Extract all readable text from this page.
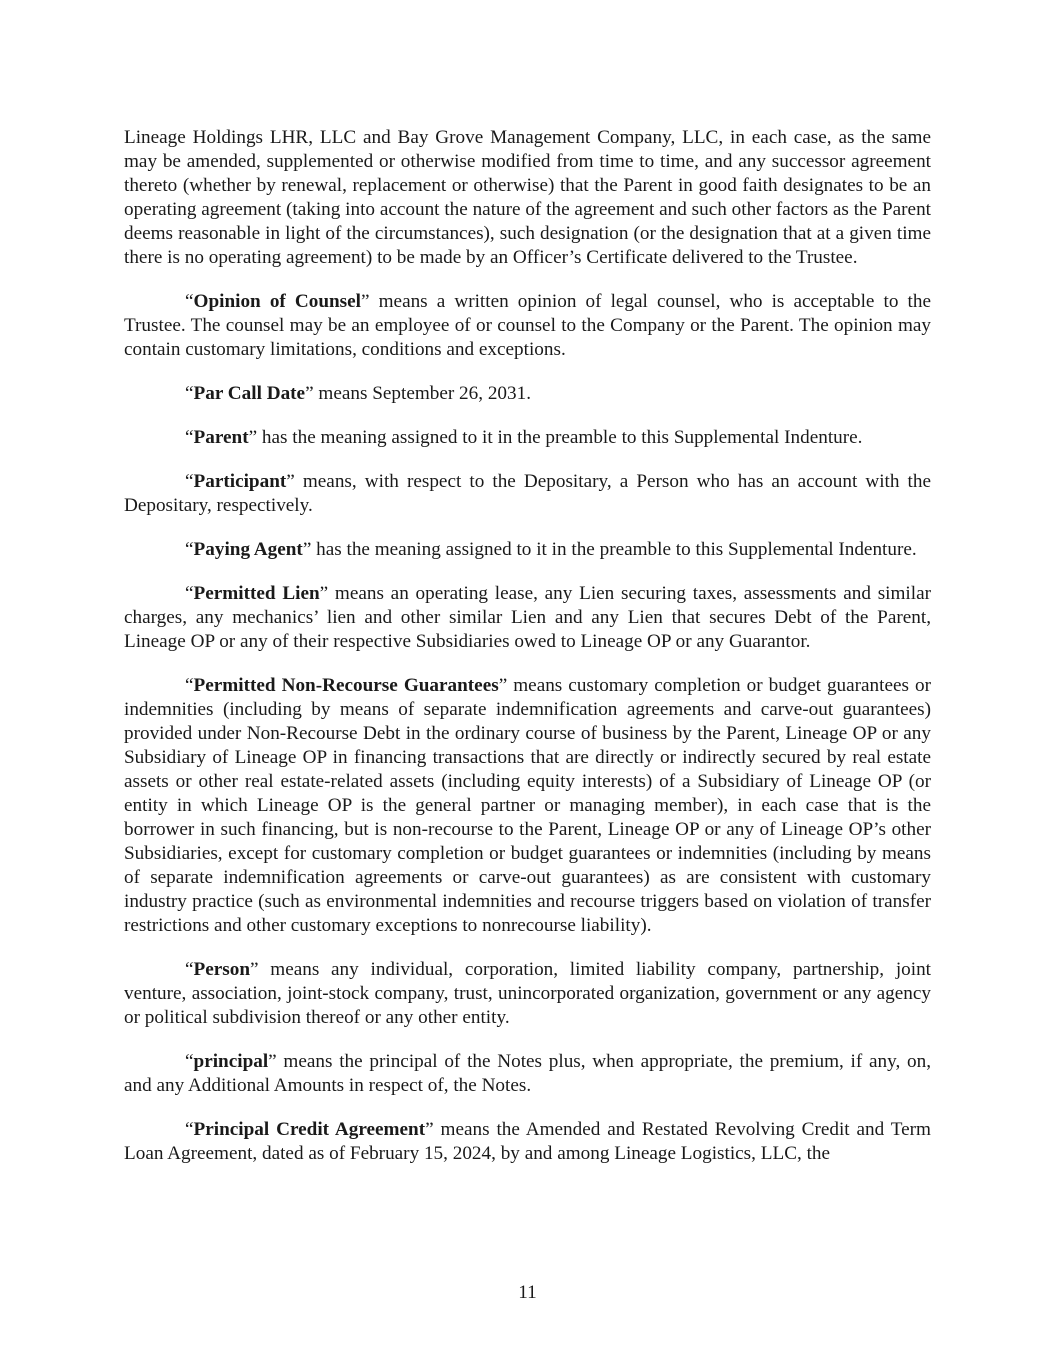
Lineage Holdings LHR, LLC and Bay Grove Management Company, LLC, in each case, as the same may be amended, supplemented or otherwise modified from time to time, and any successor agreement thereto (whether by renewal, replacement or otherwise) that the Parent in good faith designates to be an operating agreement (taking into account the nature of the agreement and such other factors as the Parent deems reasonable in light of the circumstances), such designation (or the designation that at a given time there is no operating agreement) to be made by an Officer’s Certificate delivered to the Trustee.

“Opinion of Counsel” means a written opinion of legal counsel, who is acceptable to the Trustee. The counsel may be an employee of or counsel to the Company or the Parent. The opinion may contain customary limitations, conditions and exceptions.

“Par Call Date” means September 26, 2031.

“Parent” has the meaning assigned to it in the preamble to this Supplemental Indenture.

“Participant” means, with respect to the Depositary, a Person who has an account with the Depositary, respectively.

“Paying Agent” has the meaning assigned to it in the preamble to this Supplemental Indenture.

“Permitted Lien” means an operating lease, any Lien securing taxes, assessments and similar charges, any mechanics’ lien and other similar Lien and any Lien that secures Debt of the Parent, Lineage OP or any of their respective Subsidiaries owed to Lineage OP or any Guarantor.

“Permitted Non-Recourse Guarantees” means customary completion or budget guarantees or indemnities (including by means of separate indemnification agreements and carve-out guarantees) provided under Non-Recourse Debt in the ordinary course of business by the Parent, Lineage OP or any Subsidiary of Lineage OP in financing transactions that are directly or indirectly secured by real estate assets or other real estate-related assets (including equity interests) of a Subsidiary of Lineage OP (or entity in which Lineage OP is the general partner or managing member), in each case that is the borrower in such financing, but is non-recourse to the Parent, Lineage OP or any of Lineage OP’s other Subsidiaries, except for customary completion or budget guarantees or indemnities (including by means of separate indemnification agreements or carve-out guarantees) as are consistent with customary industry practice (such as environmental indemnities and recourse triggers based on violation of transfer restrictions and other customary exceptions to nonrecourse liability).

“Person” means any individual, corporation, limited liability company, partnership, joint venture, association, joint-stock company, trust, unincorporated organization, government or any agency or political subdivision thereof or any other entity.

“principal” means the principal of the Notes plus, when appropriate, the premium, if any, on, and any Additional Amounts in respect of, the Notes.

“Principal Credit Agreement” means the Amended and Restated Revolving Credit and Term Loan Agreement, dated as of February 15, 2024, by and among Lineage Logistics, LLC, the

11
